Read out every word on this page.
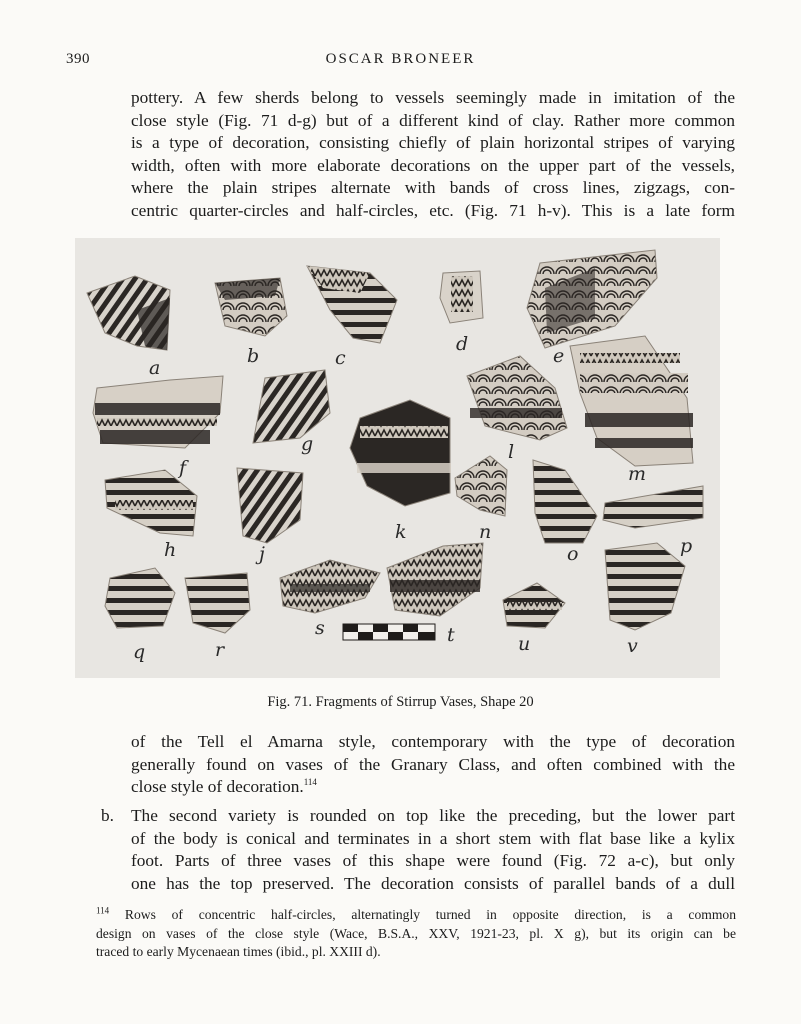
390	OSCAR BRONEER

pottery. A few sherds belong to vessels seemingly made in imitation of the
close style (Fig. 71 d-g) but of a different kind of clay. Rather more common
is a type of decoration, consisting chiefly of plain horizontal stripes of varying
width, often with more elaborate decorations on the upper part of the vessels,
where the plain stripes alternate with bands of cross lines, zigzags, con-
centric quarter-circles and half-circles, etc. (Fig. 71 h-v). This is a late form

a
b	c
d
e
f
g	l
m
h	j
k	n
o	p
q	r
s	t	u	v
Fig. 71. Fragments of Stirrup Vases, Shape 20

of the Tell el Amarna style, contemporary with the type of decoration
generally found on vases of the Granary Class, and often combined with the
close style of decoration.$^{114}$

b. The second variety is rounded on top like the preceding, but the lower part
of the body is conical and terminates in a short stem with flat base like a kylix
foot. Parts of three vases of this shape were found (Fig. 72 a-c), but only
one has the top preserved. The decoration consists of parallel bands of a dull

$^{114}$ Rows of concentric half-circles, alternatingly turned in opposite direction, is a common
design on vases of the close style (Wace, B.S.A., XXV, 1921-23, pl. X g), but its origin can be
traced to early Mycenaean times (ibid., pl. XXIII d).
